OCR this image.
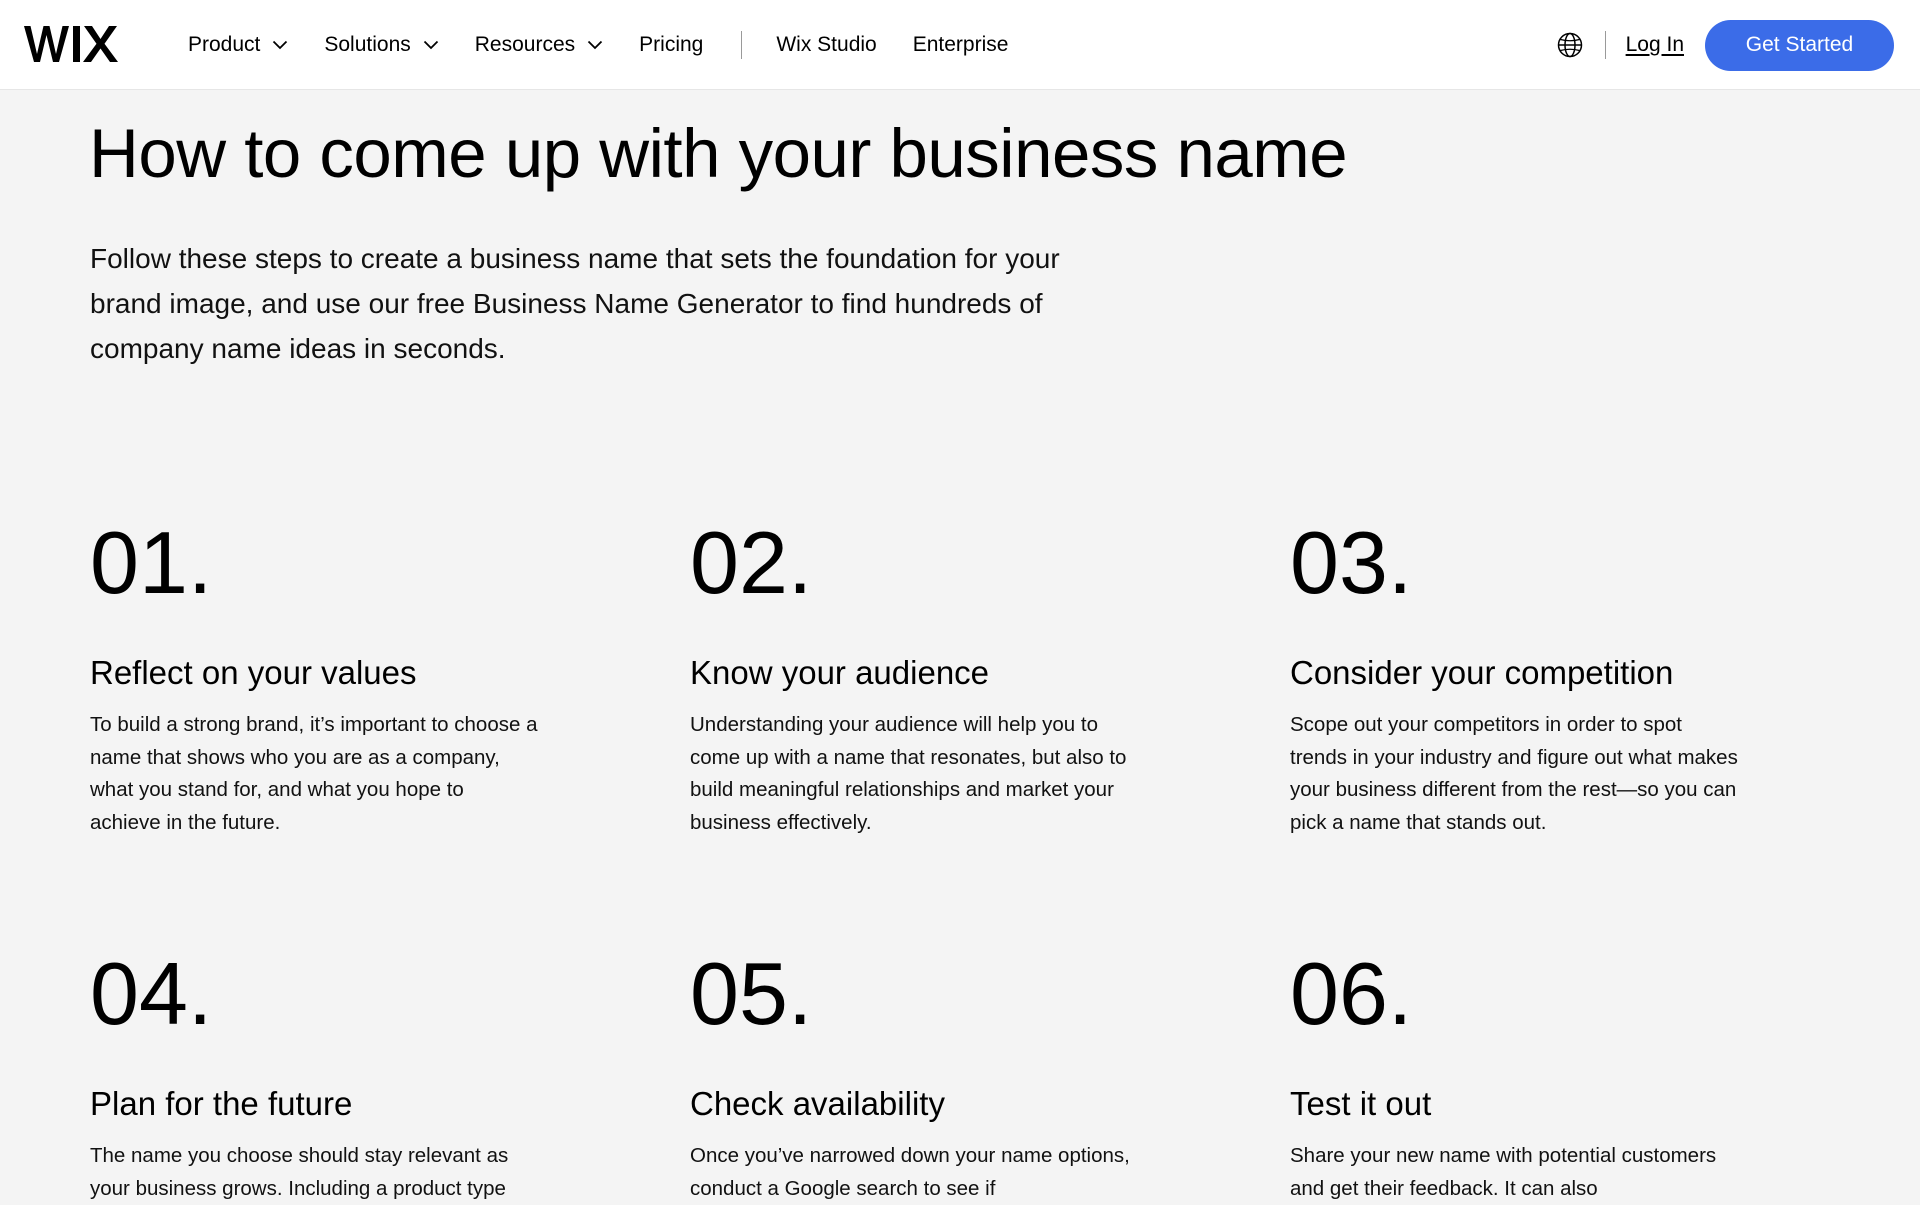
Product	Solutions	Resources	Pricing	Wix Studio Enterprise	Log In	Get Started
How to come up with your business name

Follow these steps to create a business name that sets the foundation for your brand image, and use our free Business Name Generator to find hundreds of company name ideas in seconds.

01.
Reflect on your values

To build a strong brand, it’s important to choose a name that shows who you are as a company, what you stand for, and what you hope to achieve in the future.

02.
Know your audience

Understanding your audience will help you to come up with a name that resonates, but also to build meaningful relationships and market your business effectively.

03.
Consider your competition

Scope out your competitors in order to spot trends in your industry and figure out what makes your business different from the rest—so you can pick a name that stands out.

04.
Plan for the future

The name you choose should stay relevant as your business grows. Including a product type

05.
Check availability

Once you’ve narrowed down your name options, conduct a Google search to see if

06.
Test it out

Share your new name with potential customers and get their feedback. It can also
